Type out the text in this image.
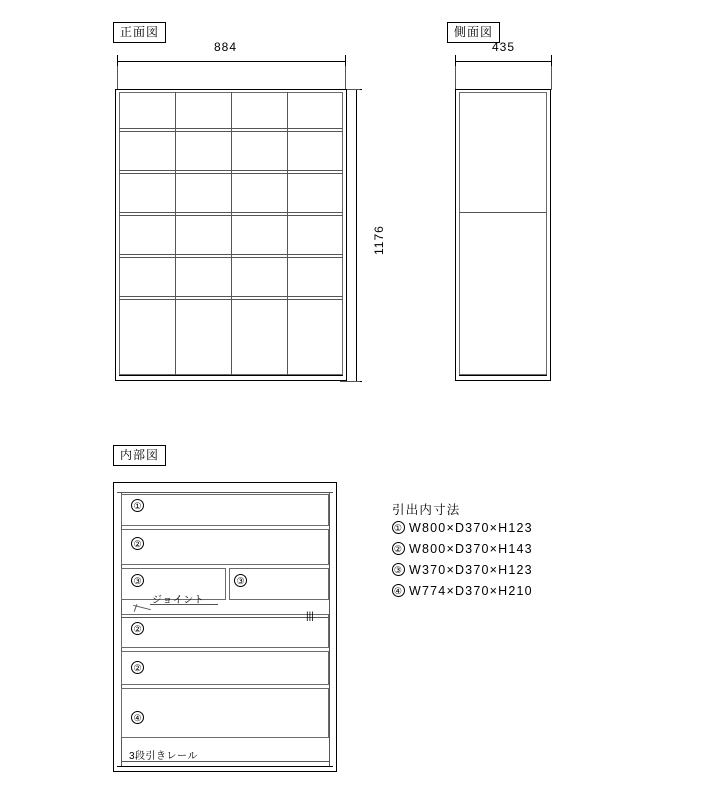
正面図
884
1176
側面図
435
内部図
①
②
③	③
ジョイント
②
|||
②
④
3段引きレール
引出内寸法
① W800×D370×H123
② W800×D370×H143
③ W370×D370×H123
④ W774×D370×H210
